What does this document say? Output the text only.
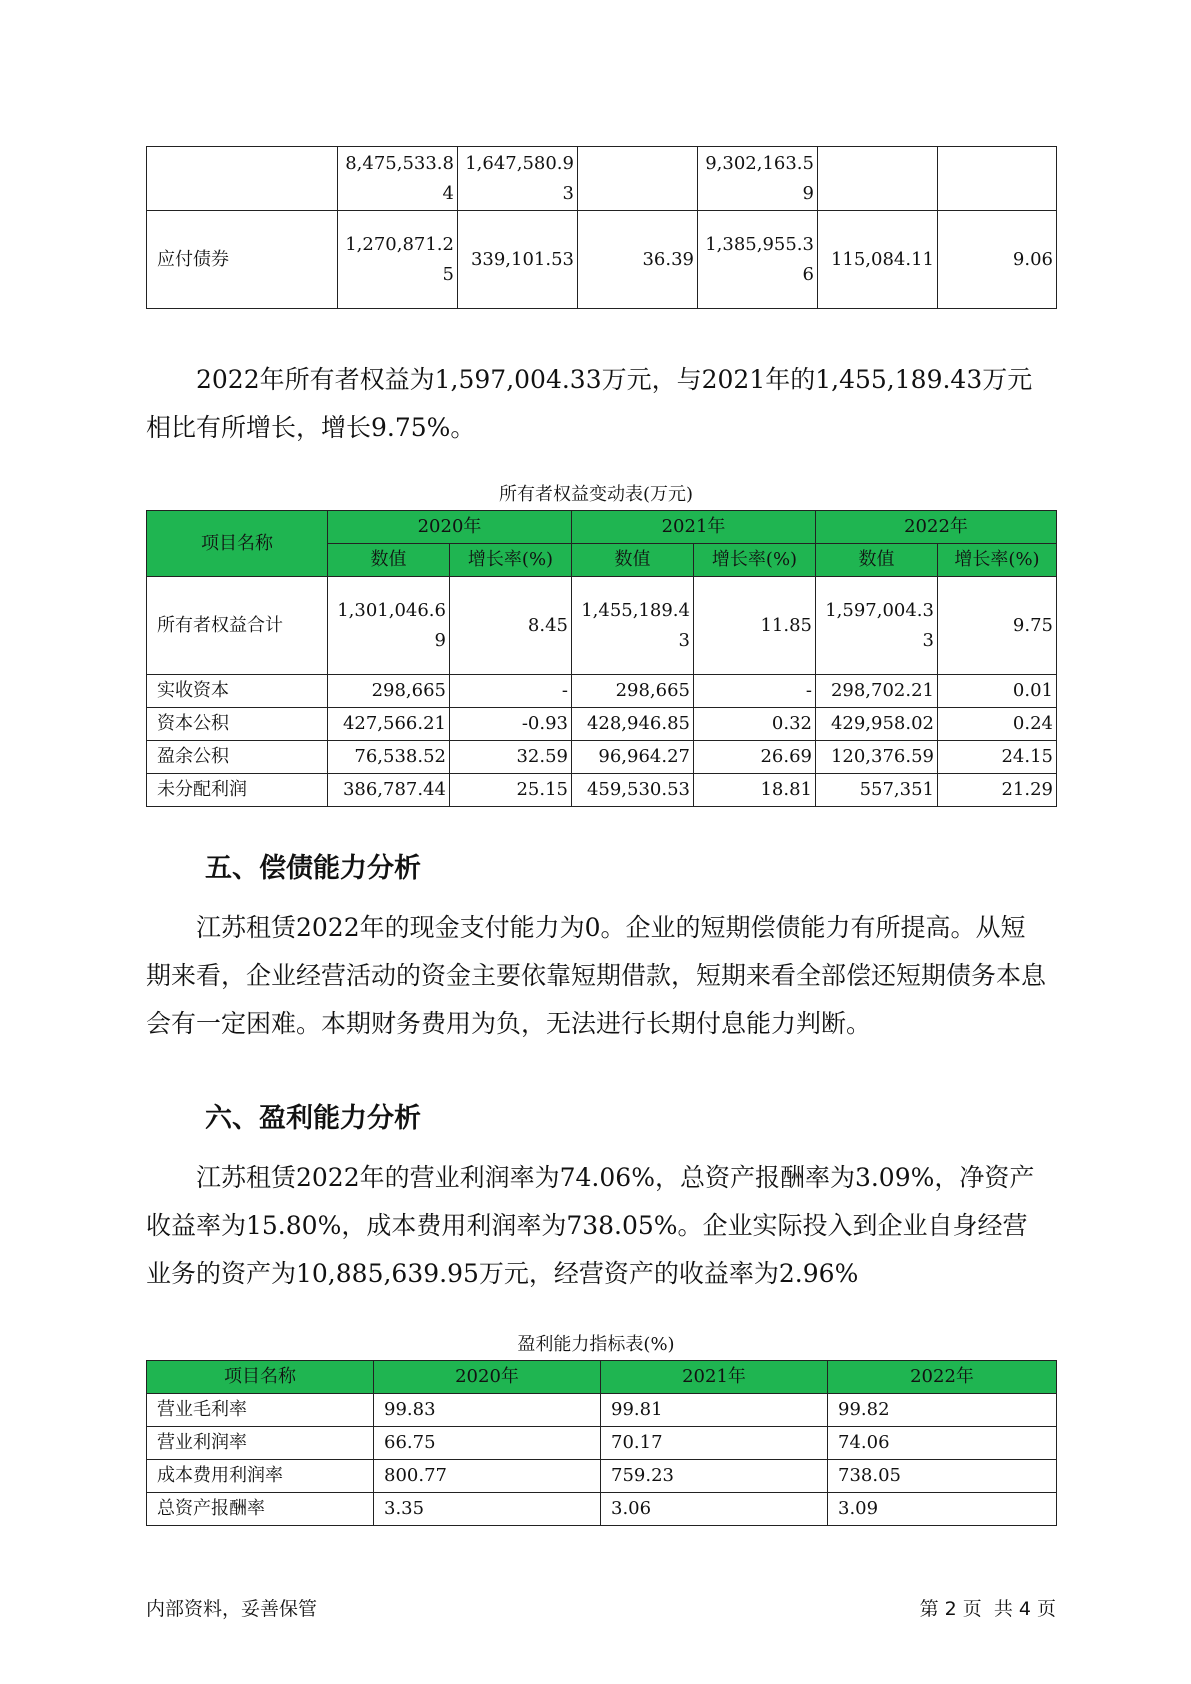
	8,475,533.84	1,647,580.93		9,302,163.59		
应付债券	1,270,871.25	339,101.53	36.39	1,385,955.36	115,084.11	9.06

2022年所有者权益为1,597,004.33万元，与2021年的1,455,189.43万元相比有所增长，增长9.75%。

所有者权益变动表(万元)
项目名称	2020年		2021年		2022年	
	数值	增长率(%)	数值	增长率(%)	数值	增长率(%)
所有者权益合计	1,301,046.69	8.45	1,455,189.43	11.85	1,597,004.33	9.75
实收资本	298,665	-	298,665	-	298,702.21	0.01
资本公积	427,566.21	-0.93	428,946.85	0.32	429,958.02	0.24
盈余公积	76,538.52	32.59	96,964.27	26.69	120,376.59	24.15
未分配利润	386,787.44	25.15	459,530.53	18.81	557,351	21.29
五、偿债能力分析

江苏租赁2022年的现金支付能力为0。企业的短期偿债能力有所提高。从短期来看，企业经营活动的资金主要依靠短期借款，短期来看全部偿还短期债务本息会有一定困难。本期财务费用为负，无法进行长期付息能力判断。

六、盈利能力分析

江苏租赁2022年的营业利润率为74.06%，总资产报酬率为3.09%，净资产收益率为15.80%，成本费用利润率为738.05%。企业实际投入到企业自身经营业务的资产为10,885,639.95万元，经营资产的收益率为2.96%

盈利能力指标表(%)
项目名称	2020年	2021年	2022年
营业毛利率	99.83	99.81	99.82
营业利润率	66.75	70.17	74.06
成本费用利润率	800.77	759.23	738.05
总资产报酬率	3.35	3.06	3.09
内部资料，妥善保管	第 2 页  共 4 页
